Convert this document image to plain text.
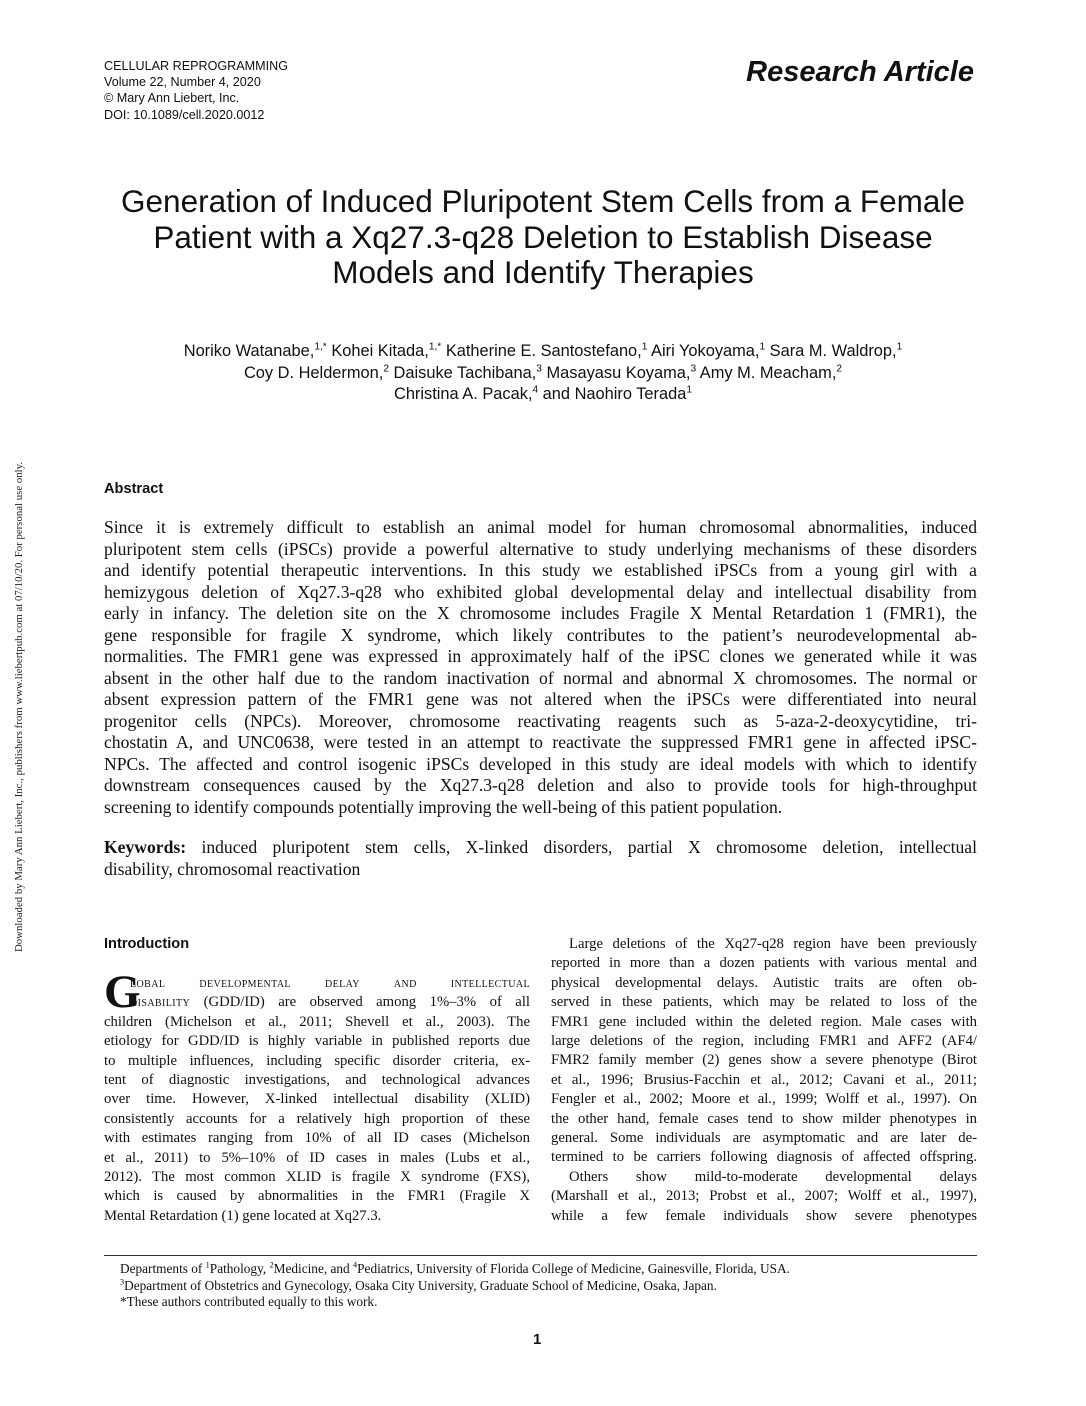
CELLULAR REPROGRAMMING
Volume 22, Number 4, 2020
© Mary Ann Liebert, Inc.
DOI: 10.1089/cell.2020.0012
Research Article
Downloaded by Mary Ann Liebert, Inc., publishers from www.liebertpub.com at 07/10/20. For personal use only.
Generation of Induced Pluripotent Stem Cells from a Female
Patient with a Xq27.3-q28 Deletion to Establish Disease
Models and Identify Therapies
Noriko Watanabe,$^{1,*}$ Kohei Kitada,$^{1,*}$ Katherine E. Santostefano,$^1$ Airi Yokoyama,$^1$ Sara M. Waldrop,$^1$
Coy D. Heldermon,$^2$ Daisuke Tachibana,$^3$ Masayasu Koyama,$^3$ Amy M. Meacham,$^2$
Christina A. Pacak,$^4$ and Naohiro Terada$^1$
Abstract
Since it is extremely difficult to establish an animal model for human chromosomal abnormalities, induced
pluripotent stem cells (iPSCs) provide a powerful alternative to study underlying mechanisms of these disorders
and identify potential therapeutic interventions. In this study we established iPSCs from a young girl with a
hemizygous deletion of Xq27.3-q28 who exhibited global developmental delay and intellectual disability from
early in infancy. The deletion site on the X chromosome includes Fragile X Mental Retardation 1 (FMR1), the
gene responsible for fragile X syndrome, which likely contributes to the patient’s neurodevelopmental ab-
normalities. The FMR1 gene was expressed in approximately half of the iPSC clones we generated while it was
absent in the other half due to the random inactivation of normal and abnormal X chromosomes. The normal or
absent expression pattern of the FMR1 gene was not altered when the iPSCs were differentiated into neural
progenitor cells (NPCs). Moreover, chromosome reactivating reagents such as 5-aza-2-deoxycytidine, tri-
chostatin A, and UNC0638, were tested in an attempt to reactivate the suppressed FMR1 gene in affected iPSC-
NPCs. The affected and control isogenic iPSCs developed in this study are ideal models with which to identify
downstream consequences caused by the Xq27.3-q28 deletion and also to provide tools for high-throughput
screening to identify compounds potentially improving the well-being of this patient population.
Keywords: induced pluripotent stem cells, X-linked disorders, partial X chromosome deletion, intellectual
disability, chromosomal reactivation
Introduction
G
lobal developmental delay and intellectual
disability (GDD/ID) are observed among 1%–3% of all
children (Michelson et al., 2011; Shevell et al., 2003). The
etiology for GDD/ID is highly variable in published reports due
to multiple influences, including specific disorder criteria, ex-
tent of diagnostic investigations, and technological advances
over time. However, X-linked intellectual disability (XLID)
consistently accounts for a relatively high proportion of these
with estimates ranging from 10% of all ID cases (Michelson
et al., 2011) to 5%–10% of ID cases in males (Lubs et al.,
2012). The most common XLID is fragile X syndrome (FXS),
which is caused by abnormalities in the FMR1 (Fragile X
Mental Retardation (1) gene located at Xq27.3.
Large deletions of the Xq27-q28 region have been previously
reported in more than a dozen patients with various mental and
physical developmental delays. Autistic traits are often ob-
served in these patients, which may be related to loss of the
FMR1 gene included within the deleted region. Male cases with
large deletions of the region, including FMR1 and AFF2 (AF4/
FMR2 family member (2) genes show a severe phenotype (Birot
et al., 1996; Brusius-Facchin et al., 2012; Cavani et al., 2011;
Fengler et al., 2002; Moore et al., 1999; Wolff et al., 1997). On
the other hand, female cases tend to show milder phenotypes in
general. Some individuals are asymptomatic and are later de-
termined to be carriers following diagnosis of affected offspring.
Others show mild-to-moderate developmental delays
(Marshall et al., 2013; Probst et al., 2007; Wolff et al., 1997),
while a few female individuals show severe phenotypes
Departments of $^1$Pathology, $^2$Medicine, and $^4$Pediatrics, University of Florida College of Medicine, Gainesville, Florida, USA.
$^3$Department of Obstetrics and Gynecology, Osaka City University, Graduate School of Medicine, Osaka, Japan.
*These authors contributed equally to this work.
1
